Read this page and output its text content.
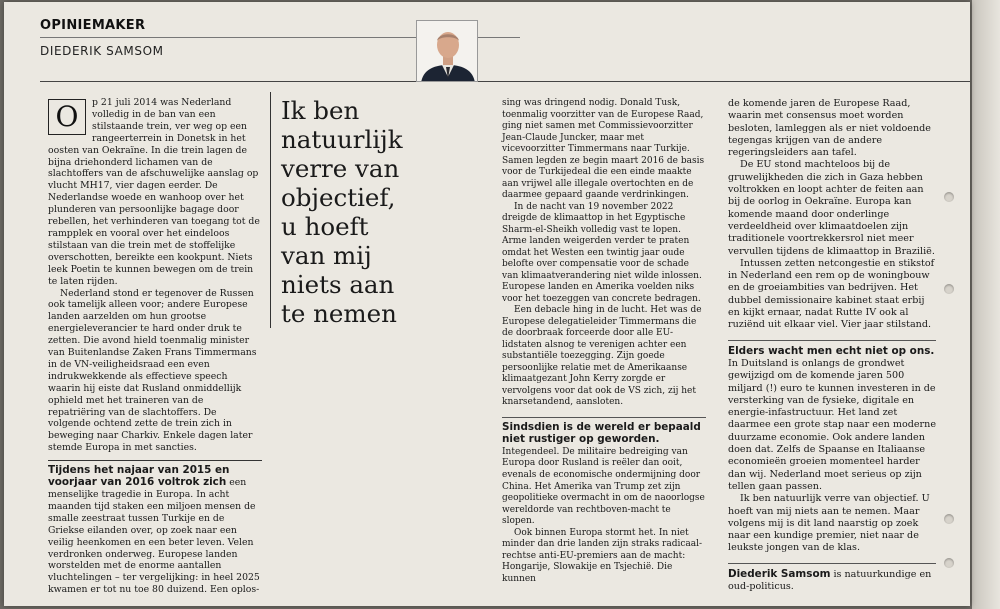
OPINIEMAKER
DIEDERIK SAMSOM

O	p 21 juli 2014 was Nederland volledig in de ban van een stilstaande trein, ver weg op een rangeerterrein in Donetsk in het oosten van Oekraïne. In die trein lagen de bijna driehonderd lichamen van de slachtoffers van de afschuwelijke aanslag op vlucht MH17, vier dagen eerder. De Nederlandse woede en wanhoop over het plunderen van persoonlijke bagage door rebellen, het verhinderen van toegang tot de rampplek en vooral over het eindeloos stilstaan van die trein met de stoffelijke overschotten, bereikte een kookpunt. Niets leek Poetin te kunnen bewegen om de trein te laten rijden.

Nederland stond er tegenover de Russen ook tamelijk alleen voor; andere Europese landen aarzelden om hun grootse energieleverancier te hard onder druk te zetten. Die avond hield toenmalig minister van Buitenlandse Zaken Frans Timmermans in de VN-veiligheidsraad een even indrukwekkende als effectieve speech waarin hij eiste dat Rusland onmiddellijk ophield met het traineren van de repatriëring van de slachtoffers. De volgende ochtend zette de trein zich in beweging naar Charkiv. Enkele dagen later stemde Europa in met sancties.

Tijdens het najaar van 2015 en voorjaar van 2016 voltrok zich een menselijke tragedie in Europa. In acht maanden tijd staken een miljoen mensen de smalle zeestraat tussen Turkije en de Griekse eilanden over, op zoek naar een veilig heenkomen en een beter leven. Velen verdronken onderweg. Europese landen worstelden met de enorme aantallen vluchtelingen – ter vergelijking: in heel 2025 kwamen er tot nu toe 80 duizend. Een oplos-

Ik ben
natuurlijk
verre van
objectief,
u hoeft
van mij
niets aan
te nemen

sing was dringend nodig. Donald Tusk, toenmalig voorzitter van de Europese Raad, ging niet samen met Commissievoorzitter Jean-Claude Juncker, maar met vicevoorzitter Timmermans naar Turkije. Samen legden ze begin maart 2016 de basis voor de Turkijedeal die een einde maakte aan vrijwel alle illegale overtochten en de daarmee gepaard gaande verdrinkingen.

In de nacht van 19 november 2022 dreigde de klimaattop in het Egyptische Sharm-el-Sheikh volledig vast te lopen. Arme landen weigerden verder te praten omdat het Westen een twintig jaar oude belofte over compensatie voor de schade van klimaatverandering niet wilde inlossen. Europese landen en Amerika voelden niks voor het toezeggen van concrete bedragen.

Een debacle hing in de lucht. Het was de Europese delegatieleider Timmermans die de doorbraak forceerde door alle EU-lidstaten alsnog te verenigen achter een substantiële toezegging. Zijn goede persoonlijke relatie met de Amerikaanse klimaatgezant John Kerry zorgde er vervolgens voor dat ook de VS zich, zij het knarsetandend, aansloten.

Sindsdien is de wereld er bepaald niet rustiger op geworden. Integendeel. De militaire bedreiging van Europa door Rusland is reëler dan ooit, evenals de economische ondermijning door China. Het Amerika van Trump zet zijn geopolitieke overmacht in om de naoorlogse wereldorde van rechtboven-macht te slopen.

Ook binnen Europa stormt het. In niet minder dan drie landen zijn straks radicaal-rechtse anti-EU-premiers aan de macht: Hongarije, Slowakije en Tsjechië. Die kunnen

de komende jaren de Europese Raad, waarin met consensus moet worden besloten, lamleggen als er niet voldoende tegengas krijgen van de andere regeringsleiders aan tafel.

De EU stond machteloos bij de gruwelijkheden die zich in Gaza hebben voltrokken en loopt achter de feiten aan bij de oorlog in Oekraïne. Europa kan komende maand door onderlinge verdeeldheid over klimaatdoelen zijn traditionele voortrekkersrol niet meer vervullen tijdens de klimaattop in Brazilië.

Intussen zetten netcongestie en stikstof in Nederland een rem op de woningbouw en de groeiambities van bedrijven. Het dubbel demissionaire kabinet staat erbij en kijkt ernaar, nadat Rutte IV ook al ruziënd uit elkaar viel. Vier jaar stilstand.

Elders wacht men echt niet op ons. In Duitsland is onlangs de grondwet gewijzigd om de komende jaren 500 miljard (!) euro te kunnen investeren in de versterking van de fysieke, digitale en energie-infastructuur. Het land zet daarmee een grote stap naar een moderne duurzame economie. Ook andere landen doen dat. Zelfs de Spaanse en Italiaanse economieën groeien momenteel harder dan wij. Nederland moet serieus op zijn tellen gaan passen.

Ik ben natuurlijk verre van objectief. U hoeft van mij niets aan te nemen. Maar volgens mij is dit land naarstig op zoek naar een kundige premier, niet naar de leukste jongen van de klas.

Diederik Samsom is natuurkundige en oud-politicus.
